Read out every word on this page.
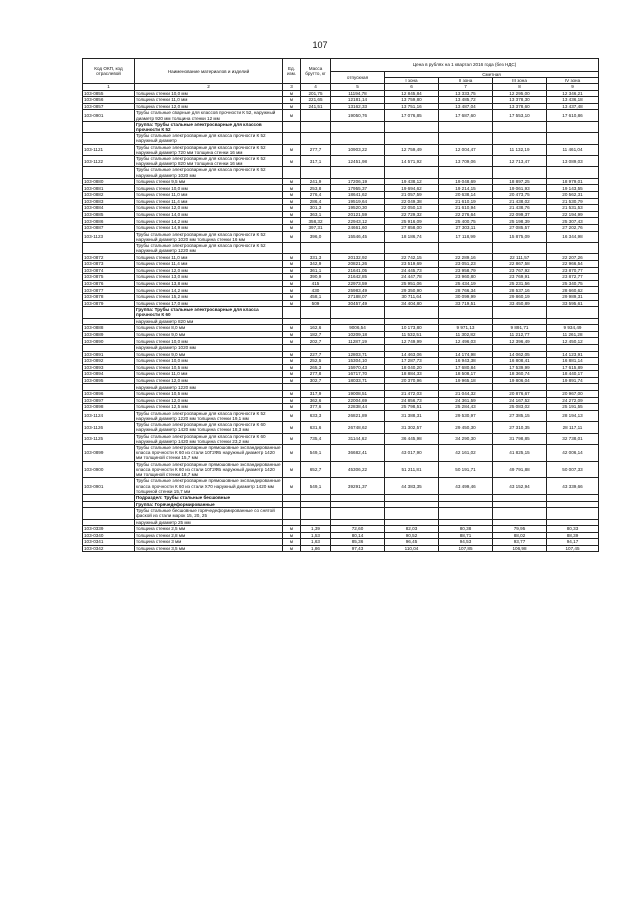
107
Код ОКП, код отраслевой	Наименование материалов и изделий	Ед. изм.	Масса брутто, кг	Цена в рублях на 1 квартал 2016 года (без НДС)				
				отпускная	Сметная			
					I зона	II зона	III зона	IV зона
1	2	3	4	5	6	7	8	9
103-0855	толщина стенки 10,0 мм	м	201,75	11194,78	12 845,84	13 333,75	12 295,00	12 346,21
103-0856	толщина стенки 11,0 мм	м	221,65	12181,14	13 759,80	13 485,72	13 378,30	13 436,18
103-0857	толщина стенки 12,0 мм	м	241,51	13162,33	13 751,16	13 487,04	13 378,60	13 437,48
103-0901	Трубы стальные сварные для классов прочности К 52, наружный диаметр 920 мм толщина стенки 12 мм	м		19050,76	17 076,85	17 687,60	17 553,10	17 610,86
	Группа: Трубы стальные электросварные для классов прочности К 52							
	Трубы стальные электросварные для класса прочности К 52 наружный диаметр							
103-1121	Трубы стальные электросварные для класса прочности К 52 наружный диаметр 720 мм толщина стенки 16 мм	м	277,7	10903,22	12 759,49	12 004,47	11 132,19	11 461,04
103-1122	Трубы стальные электросварные для класса прочности К 52 наружный диаметр 820 мм толщина стенки 16 мм	м	317,1	12451,98	14 571,92	13 709,06	12 713,47	13 089,03
	Трубы стальные электросварные для класса прочности К 52 наружный диаметр 1020 мм							
103-0880	толщина стенки 9,5 мм	м	241,9	17206,19	19 438,12	19 048,69	18 897,25	18 979,01
103-0881	толщина стенки 10,0 мм	м	253,8	17955,37	19 694,62	19 214,15	19 061,93	19 143,55
103-0882	толщина стенки 11,0 мм	м	276,4	18641,62	21 057,59	20 638,14	20 473,75	20 562,31
103-0883	толщина стенки 11,4 мм	м	286,4	19519,64	22 049,38	21 610,19	21 438,02	21 530,79
103-0884	толщина стенки 12,0 мм	м	301,3	19520,30	22 050,13	21 610,94	21 438,76	21 531,53
103-0885	толщина стенки 14,0 мм	м	363,1	20121,59	22 729,32	22 276,64	22 099,37	22 194,99
103-0886	толщина стенки 14,2 мм	м	358,32	22943,12	25 916,09	25 400,75	25 198,39	25 307,43
103-0887	толщина стенки 14,9 мм	м	397,31	24661,60	27 858,00	27 303,11	27 085,57	27 202,76
103-1123	Трубы стальные электросварные для класса прочности К 52 наружный диаметр 1020 мм толщина стенки 16 мм	м	396,0	15546,45	18 186,74	17 118,99	15 875,09	16 344,98
	Трубы стальные электросварные для класса прочности К 52 наружный диаметр 1220 мм							
103-0872	толщина стенки 11,0 мм	м	331,3	20132,92	22 742,15	22 289,16	22 111,57	22 207,26
103-0873	толщина стенки 11,4 мм	м	342,9	20821,26	23 519,69	23 051,23	22 867,58	22 966,54
103-0874	толщина стенки 12,0 мм	м	361,1	21641,05	24 445,73	23 958,79	23 767,92	23 870,77
103-0875	толщина стенки 13,0 мм	м	390,9	21642,85	24 447,78	23 960,80	23 769,91	23 872,77
103-0876	толщина стенки 13,8 мм	м	415	22973,59	25 951,06	25 434,19	25 231,56	25 340,75
103-0877	толщина стенки 14,2 мм	м	430	25983,49	29 350,90	28 766,34	28 537,16	28 660,62
103-0878	толщина стенки 15,2 мм	м	458,1	27188,07	30 711,64	30 099,99	29 860,19	29 989,31
103-0879	толщина стенки 17,0 мм	м	509	30457,49	34 404,80	33 719,51	33 450,89	33 595,61
	Группа: Трубы стальные электросварные для класса прочности К 60							
	наружный диаметр 820 мм							
103-0888	толщина стенки 8,0 мм	м	162,6	9006,54	10 173,80	9 971,13	9 891,71	9 934,49
103-0889	толщина стенки 9,0 мм	м	182,7	10209,18	11 532,51	11 302,82	11 212,77	11 261,28
103-0890	толщина стенки 10,0 мм	м	202,7	11287,19	12 749,99	12 496,03	12 396,49	12 450,12
	наружный диаметр 1020 мм							
103-0891	толщина стенки 9,0 мм	м	227,7	12803,71	14 463,06	14 174,98	14 062,05	14 123,91
103-0892	толщина стенки 10,0 мм	м	252,5	15304,10	17 287,73	16 943,38	16 808,41	16 881,14
103-0893	толщина стенки 10,5 мм	м	265,3	15970,43	18 040,20	17 680,84	17 539,99	17 615,89
103-0894	толщина стенки 11,0 мм	м	277,8	16717,70	18 884,33	18 508,17	18 360,74	18 440,17
103-0895	толщина стенки 12,0 мм	м	302,7	18033,71	20 370,96	19 965,18	19 806,04	19 891,74
	наружный диаметр 1220 мм							
103-0896	толщина стенки 10,5 мм	м	317,9	19008,51	21 472,03	21 044,32	20 876,67	20 967,00
103-0897	толщина стенки 12,0 мм	м	362,6	22004,69	24 856,73	24 361,59	24 167,52	24 272,09
103-0898	толщина стенки 12,5 мм	м	377,6	22838,44	25 798,51	25 284,43	25 083,02	25 191,55
103-1124	Трубы стальные электросварные для класса прочности К 52 наружный диаметр 1220 мм толщина стенки 19,1 мм	м	633,3	26821,89	31 388,31	29 530,97	27 385,15	28 194,13
103-1126	Трубы стальные электросварные для класса прочности К 60 наружный диаметр 1420 мм толщина стенки 18,3 мм	м	631,6	26748,62	31 302,57	29 450,30	27 310,35	28 117,11
103-1125	Трубы стальные электросварные для класса прочности К 60 наружный диаметр 1420 мм толщина стенки 23,2 мм	м	735,4	31144,62	36 445,98	34 290,30	31 798,85	32 738,01
103-0899	Трубы стальные электросварные прямошовные экспандированные класса прочности К 60 из стали 10Г2ФБ наружный диаметр 1420 мм толщиной стенки 15,7 мм	м	549,1	36682,41	43 017,90	42 161,02	41 825,15	42 006,14
103-0900	Трубы стальные электросварные прямошовные экспандированные класса прочности К 60 из стали 10Г2ФБ наружный диаметр 1420 мм толщиной стенки 18,7 мм	м	652,7	45306,22	51 211,81	50 191,71	49 791,88	50 007,33
103-0901	Трубы стальные электросварные прямошовные экспандированные класса прочности К 60 из стали Х70 наружный диаметр 1420 мм толщиной стенки 15,7 мм	м	549,1	39291,37	44 383,35	43 499,46	43 152,94	43 339,66
	Подраздел: Трубы стальные бесшовные							
	Группа: Горячедеформированные							
	Трубы стальные бесшовные горячедеформированные со снятой фаской из стали марок 15, 20, 25							
	наружный диаметр 25 мм							
103-0339	толщина стенки 2,5 мм	м	1,39	72,60	82,03	80,38	79,95	80,33
103-0340	толщина стенки 2,8 мм	м	1,53	80,14	90,52	88,71	88,02	88,39
103-0341	толщина стенки 3 мм	м	1,63	85,36	96,45	94,53	93,77	94,17
103-0342	толщина стенки 3,5 мм	м	1,86	97,43	110,04	107,85	106,98	107,45
